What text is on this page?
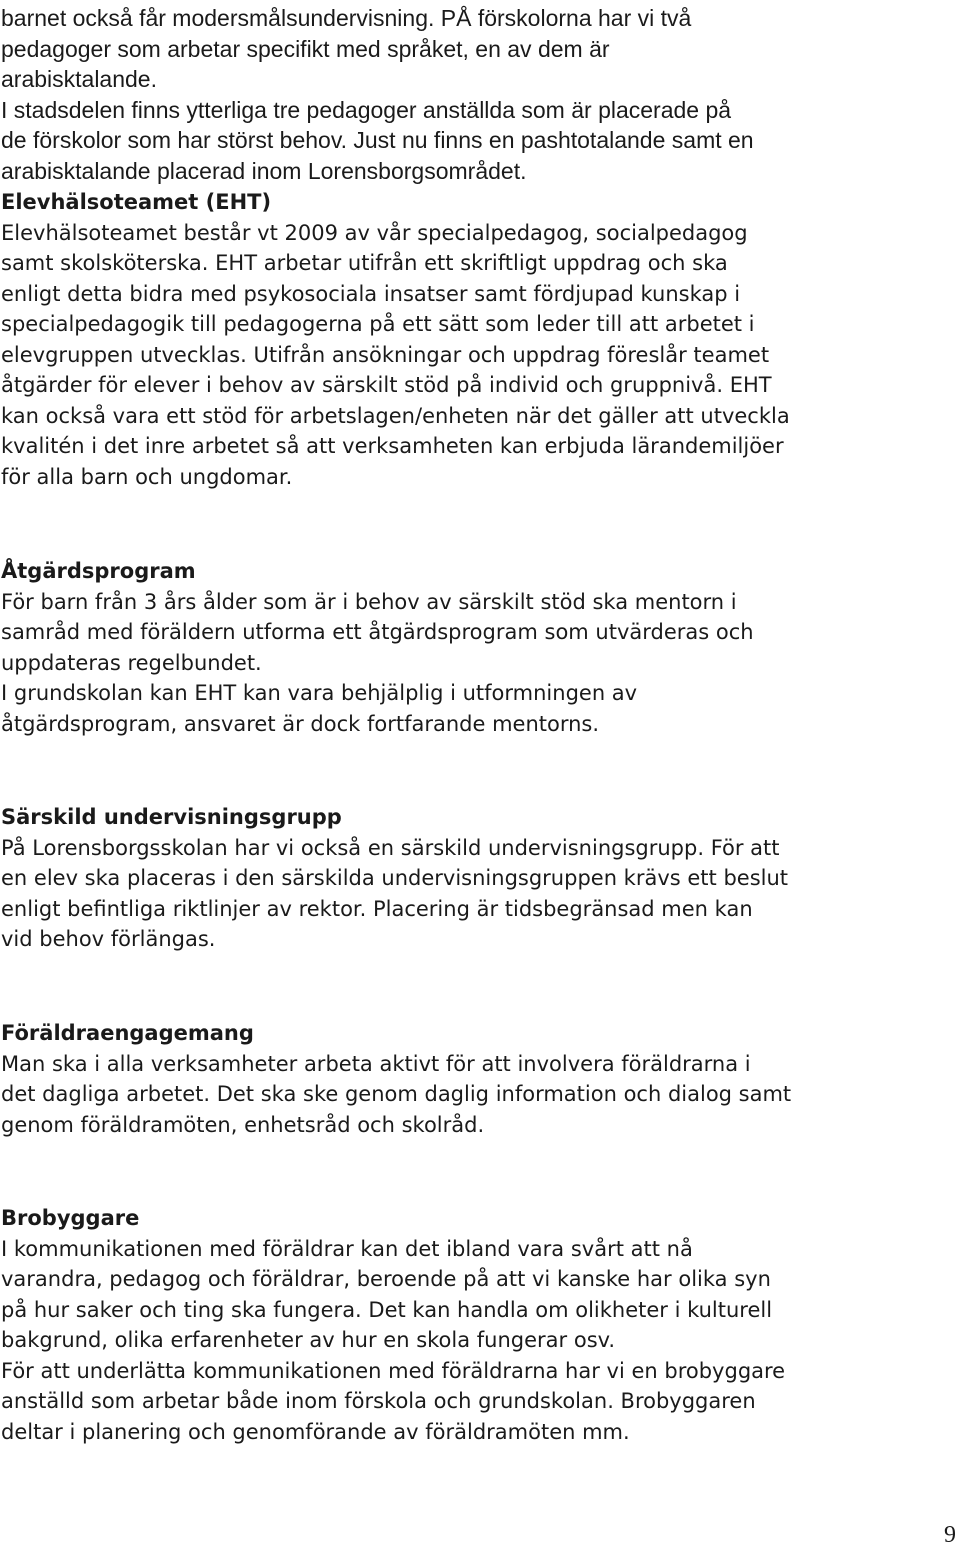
barnet också får modersmålsundervisning. PÅ förskolorna har vi två
pedagoger som arbetar specifikt med språket, en av dem är
arabisktalande.
I stadsdelen finns ytterliga tre pedagoger anställda som är placerade på
de förskolor som har störst behov. Just nu finns en pashtotalande samt en
arabisktalande placerad inom Lorensborgsområdet.
Elevhälsoteamet (EHT)
Elevhälsoteamet består vt 2009 av vår specialpedagog, socialpedagog
samt skolsköterska. EHT arbetar utifrån ett skriftligt uppdrag och ska
enligt detta bidra med psykosociala insatser samt fördjupad kunskap i
specialpedagogik till pedagogerna på ett sätt som leder till att arbetet i
elevgruppen utvecklas. Utifrån ansökningar och uppdrag föreslår teamet
åtgärder för elever i behov av särskilt stöd på individ och gruppnivå. EHT
kan också vara ett stöd för arbetslagen/enheten när det gäller att utveckla
kvalitén i det inre arbetet så att verksamheten kan erbjuda lärandemiljöer
för alla barn och ungdomar.
Åtgärdsprogram
För barn från 3 års ålder som är i behov av särskilt stöd ska mentorn i
samråd med föräldern utforma ett åtgärdsprogram som utvärderas och
uppdateras regelbundet.
I grundskolan kan EHT kan vara behjälplig i utformningen av
åtgärdsprogram, ansvaret är dock fortfarande mentorns.
Särskild undervisningsgrupp
På Lorensborgsskolan har vi också en särskild undervisningsgrupp. För att
en elev ska placeras i den särskilda undervisningsgruppen krävs ett beslut
enligt befintliga riktlinjer av rektor. Placering är tidsbegränsad men kan
vid behov förlängas.
Föräldraengagemang
Man ska i alla verksamheter arbeta aktivt för att involvera föräldrarna i
det dagliga arbetet. Det ska ske genom daglig information och dialog samt
genom föräldramöten, enhetsråd och skolråd.
Brobyggare
I kommunikationen med föräldrar kan det ibland vara svårt att nå
varandra, pedagog och föräldrar, beroende på att vi kanske har olika syn
på hur saker och ting ska fungera. Det kan handla om olikheter i kulturell
bakgrund, olika erfarenheter av hur en skola fungerar osv.
För att underlätta kommunikationen med föräldrarna har vi en brobyggare
anställd som arbetar både inom förskola och grundskolan. Brobyggaren
deltar i planering och genomförande av föräldramöten mm.
9
